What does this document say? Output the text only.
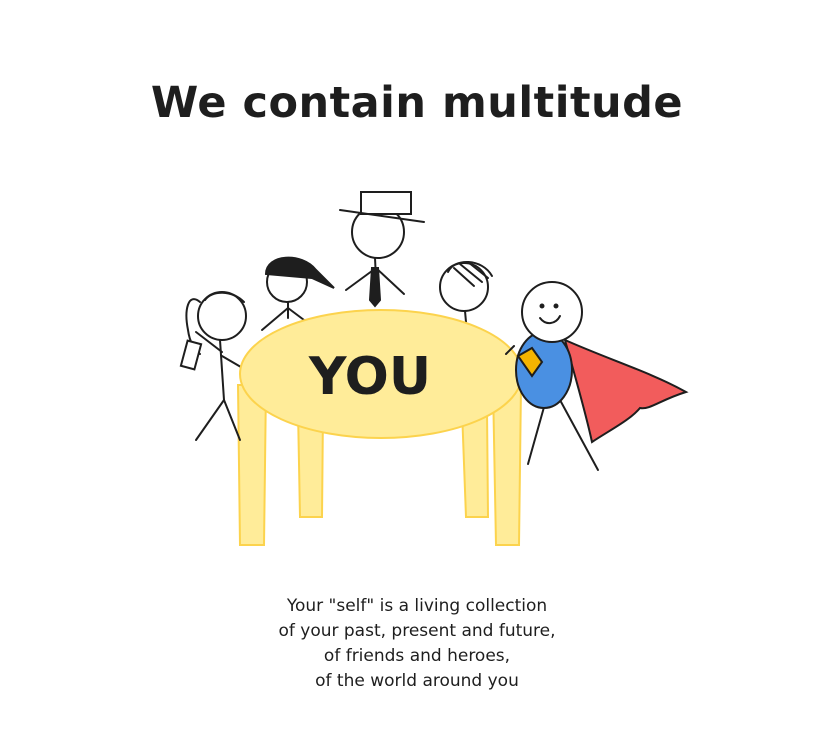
We contain multitude
YOU
Your "self" is a living collection
of your past, present and future,
of friends and heroes,
of the world around you
